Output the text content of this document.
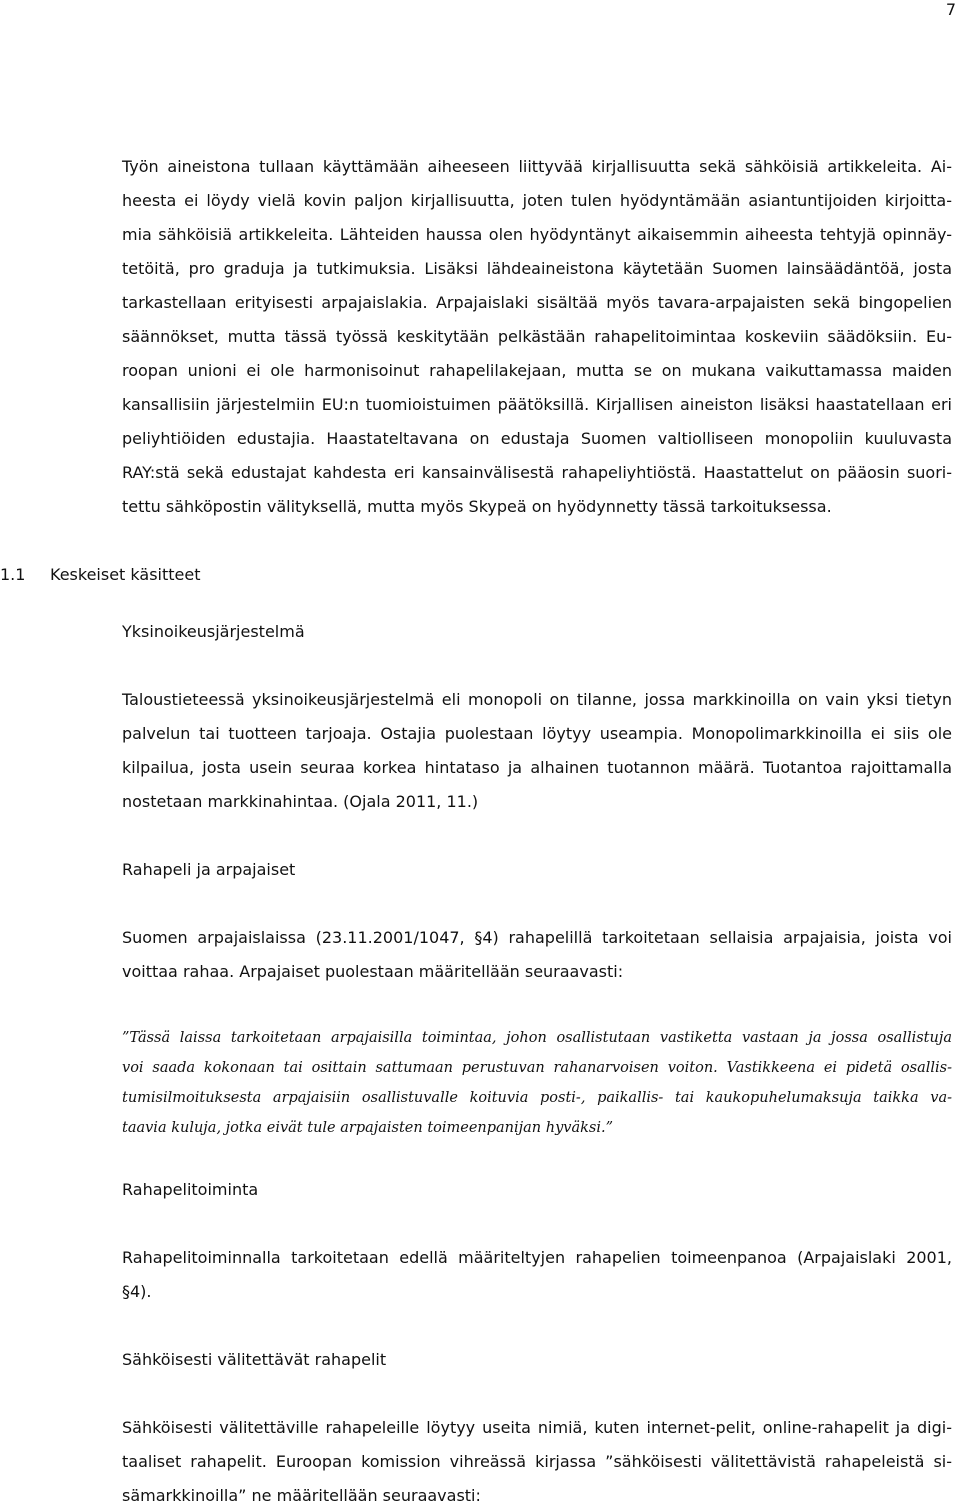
7
Työn aineistona tullaan käyttämään aiheeseen liittyvää kirjallisuutta sekä sähköisiä artikkeleita. Ai-
heesta ei löydy vielä kovin paljon kirjallisuutta, joten tulen hyödyntämään asiantuntijoiden kirjoitta-
mia sähköisiä artikkeleita. Lähteiden haussa olen hyödyntänyt aikaisemmin aiheesta tehtyjä opinnäy-
tetöitä, pro graduja ja tutkimuksia. Lisäksi lähdeaineistona käytetään Suomen lainsäädäntöä, josta
tarkastellaan erityisesti arpajaislakia. Arpajaislaki sisältää myös tavara-arpajaisten sekä bingopelien
säännökset, mutta tässä työssä keskitytään pelkästään rahapelitoimintaa koskeviin säädöksiin. Eu-
roopan unioni ei ole harmonisoinut rahapelilakejaan, mutta se on mukana vaikuttamassa maiden
kansallisiin järjestelmiin EU:n tuomioistuimen päätöksillä. Kirjallisen aineiston lisäksi haastatellaan eri
peliyhtiöiden edustajia. Haastateltavana on edustaja Suomen valtiolliseen monopoliin kuuluvasta
RAY:stä sekä edustajat kahdesta eri kansainvälisestä rahapeliyhtiöstä. Haastattelut on pääosin suori-
tettu sähköpostin välityksellä, mutta myös Skypeä on hyödynnetty tässä tarkoituksessa.
1.1 Keskeiset käsitteet
Yksinoikeusjärjestelmä
Taloustieteessä yksinoikeusjärjestelmä eli monopoli on tilanne, jossa markkinoilla on vain yksi tietyn
palvelun tai tuotteen tarjoaja. Ostajia puolestaan löytyy useampia. Monopolimarkkinoilla ei siis ole
kilpailua, josta usein seuraa korkea hintataso ja alhainen tuotannon määrä. Tuotantoa rajoittamalla
nostetaan markkinahintaa. (Ojala 2011, 11.)
Rahapeli ja arpajaiset
Suomen arpajaislaissa (23.11.2001/1047, §4) rahapelillä tarkoitetaan sellaisia arpajaisia, joista voi
voittaa rahaa. Arpajaiset puolestaan määritellään seuraavasti:
”Tässä laissa tarkoitetaan arpajaisilla toimintaa, johon osallistutaan vastiketta vastaan ja jossa osallistuja
voi saada kokonaan tai osittain sattumaan perustuvan rahanarvoisen voiton. Vastikkeena ei pidetä osallis-
tumisilmoituksesta arpajaisiin osallistuvalle koituvia posti-, paikallis- tai kaukopuhelumaksuja taikka va-
taavia kuluja, jotka eivät tule arpajaisten toimeenpanijan hyväksi.”
Rahapelitoiminta
Rahapelitoiminnalla tarkoitetaan edellä määriteltyjen rahapelien toimeenpanoa (Arpajaislaki 2001,
§4).
Sähköisesti välitettävät rahapelit
Sähköisesti välitettäville rahapeleille löytyy useita nimiä, kuten internet-pelit, online-rahapelit ja digi-
taaliset rahapelit. Euroopan komission vihreässä kirjassa ”sähköisesti välitettävistä rahapeleistä si-
sämarkkinoilla” ne määritellään seuraavasti:
